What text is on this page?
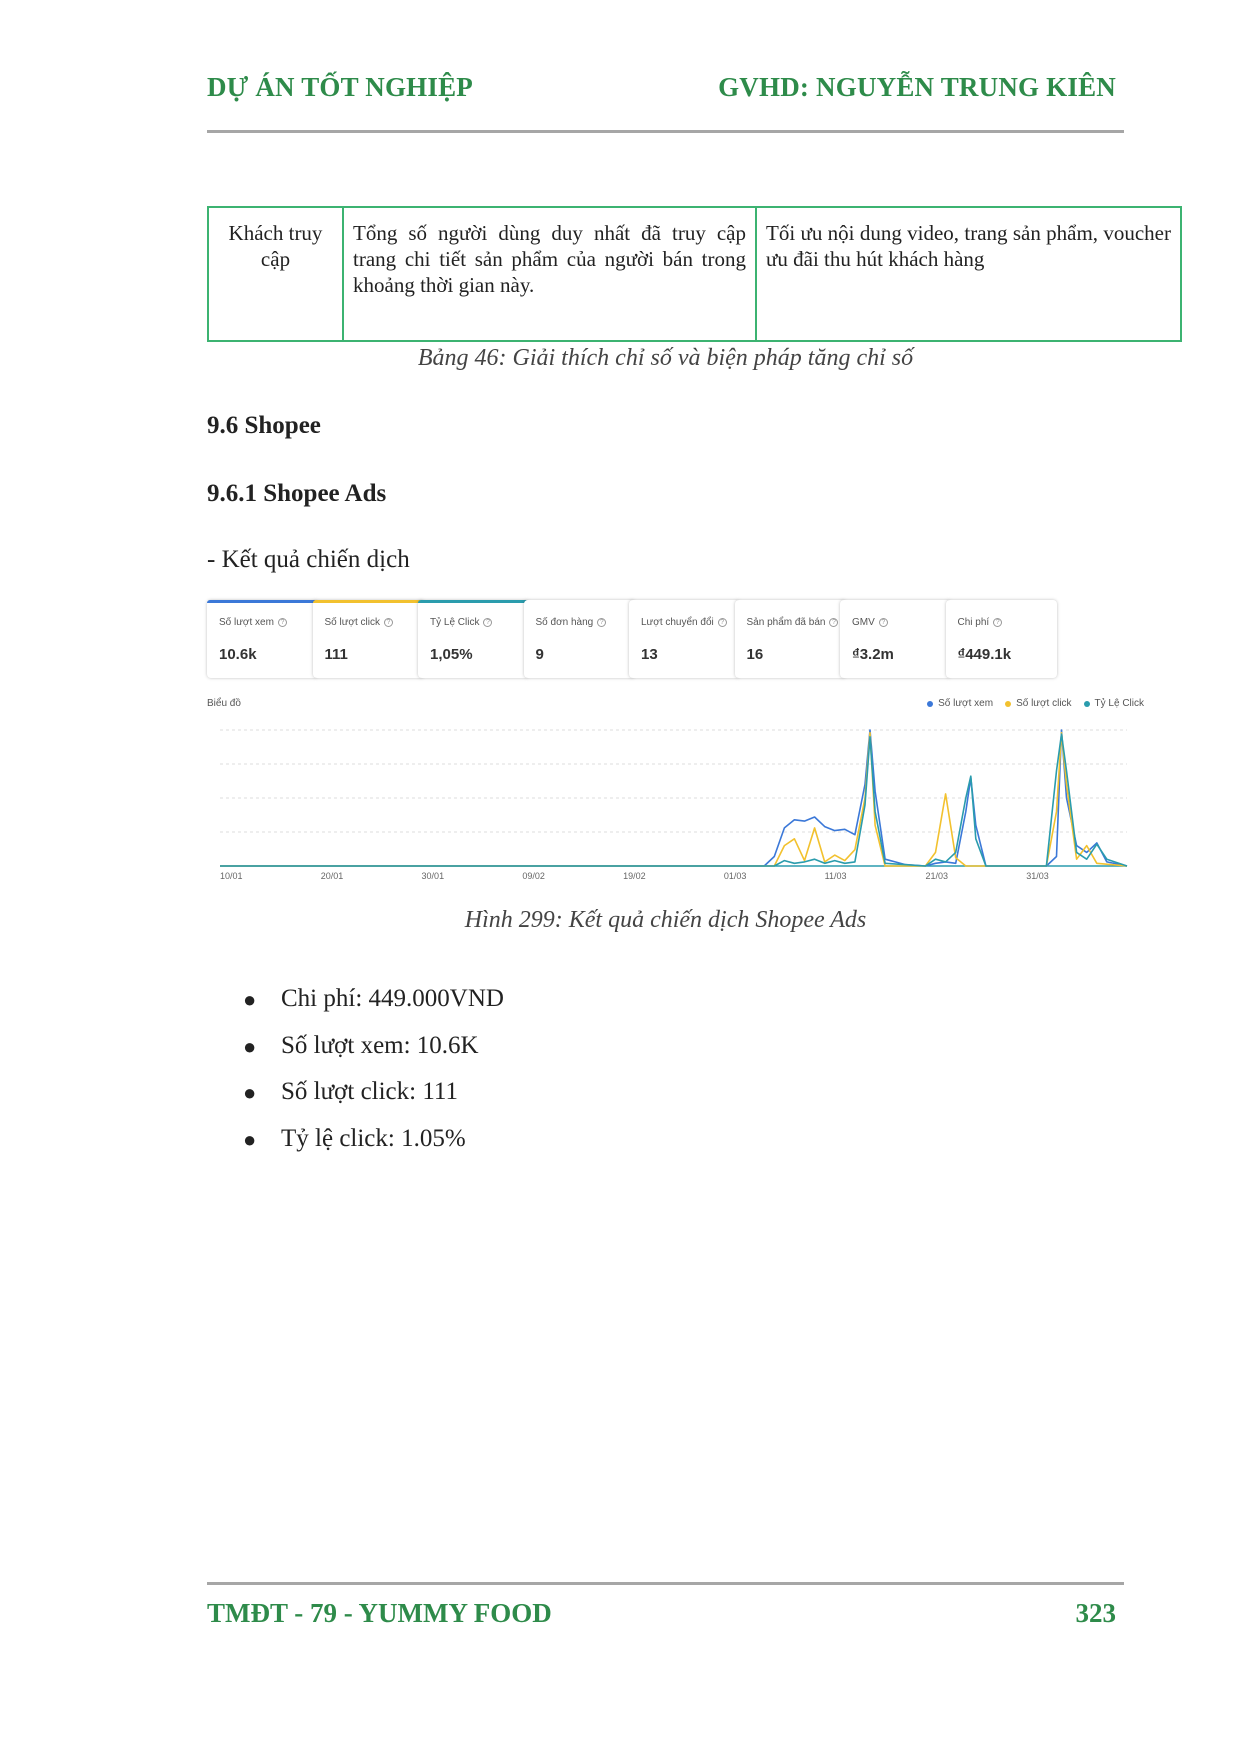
DỰ ÁN TỐT NGHIỆP	GVHD: NGUYỄN TRUNG KIÊN
Khách truy cập	Tổng số người dùng duy nhất đã truy cập trang chi tiết sản phẩm của người bán trong khoảng thời gian này.	Tối ưu nội dung video, trang sản phẩm, voucher ưu đãi thu hút khách hàng
Bảng 46: Giải thích chỉ số và biện pháp tăng chỉ số
9.6 Shopee
9.6.1 Shopee Ads
- Kết quả chiến dịch
Số lượt xem ?
10.6k
Số lượt click ?
111
Tỷ Lệ Click ?
1,05%
Số đơn hàng ?
9
Lượt chuyển đổi ?
13
Sản phẩm đã bán ?
16
GMV ?
₫3.2m
Chi phí ?
₫449.1k
Biểu đồ	Số lượt xem Số lượt click Tỷ Lệ Click
10/01	20/01	30/01	09/02	19/02	01/03	11/03	21/03	31/03
Hình 299: Kết quả chiến dịch Shopee Ads
● Chi phí: 449.000VND
● Số lượt xem: 10.6K
● Số lượt click: 111
● Tỷ lệ click: 1.05%
TMĐT - 79 - YUMMY FOOD	323
